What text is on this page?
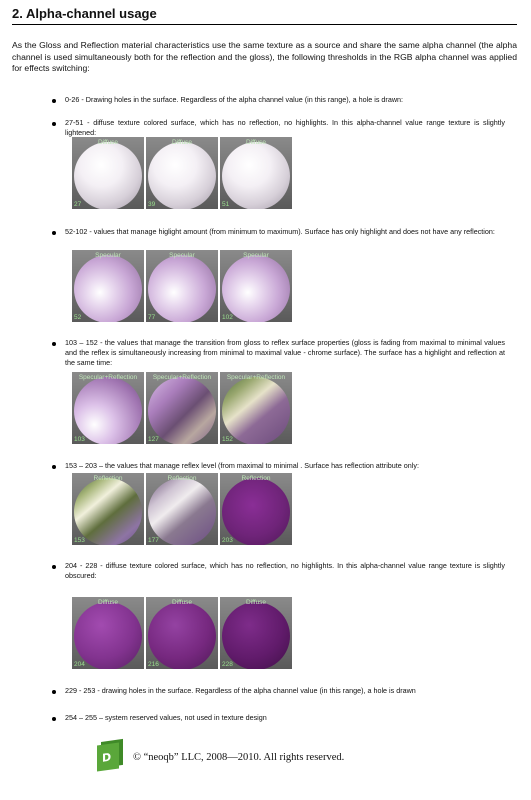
2. Alpha-channel usage
As the Gloss and Reflection material characteristics use the same texture as a source and share the same alpha channel (the alpha channel is used simultaneously both for the reflection and the gloss), the following thresholds in the RGB alpha channel was applied for effects switching:
0-26 - Drawing holes in the surface. Regardless of the alpha channel value (in this range), a hole is drawn:
27-51 - diffuse texture colored surface, which has no reflection, no highlights. In this alpha-channel value range texture is slightly lightened:
Diffuse
27
Diffuse
39
Diffuse
51
52-102 - values that manage higlight amount (from minimum to maximum). Surface has only highlight and does not have any reflection:
Specular
52
Specular
77
Specular
102
103 – 152 - the values that manage the transition from gloss to reflex surface properties (gloss is fading from maximal to minimal values and the reflex is simultaneously increasing from minimal to maximal value - chrome surface). The surface has a highlight and reflection at the same time:
Specular+Reflection
103
Specular+Reflection
127
Specular+Reflection
152
153 – 203 – the values that manage reflex level (from maximal to minimal . Surface has reflection attribute only:
Reflection
153
Reflection
177
Reflection
203
204 - 228 - diffuse texture colored surface, which has no reflection, no highlights. In this alpha-channel value range texture is slightly obscured:
Diffuse
204
Diffuse
216
Diffuse
228
229 - 253 - drawing holes in the surface. Regardless of the alpha channel value (in this range), a hole is drawn
254 – 255 – system reserved values, not used in texture design
D © “neoqb” LLC, 2008—2010. All rights reserved.
